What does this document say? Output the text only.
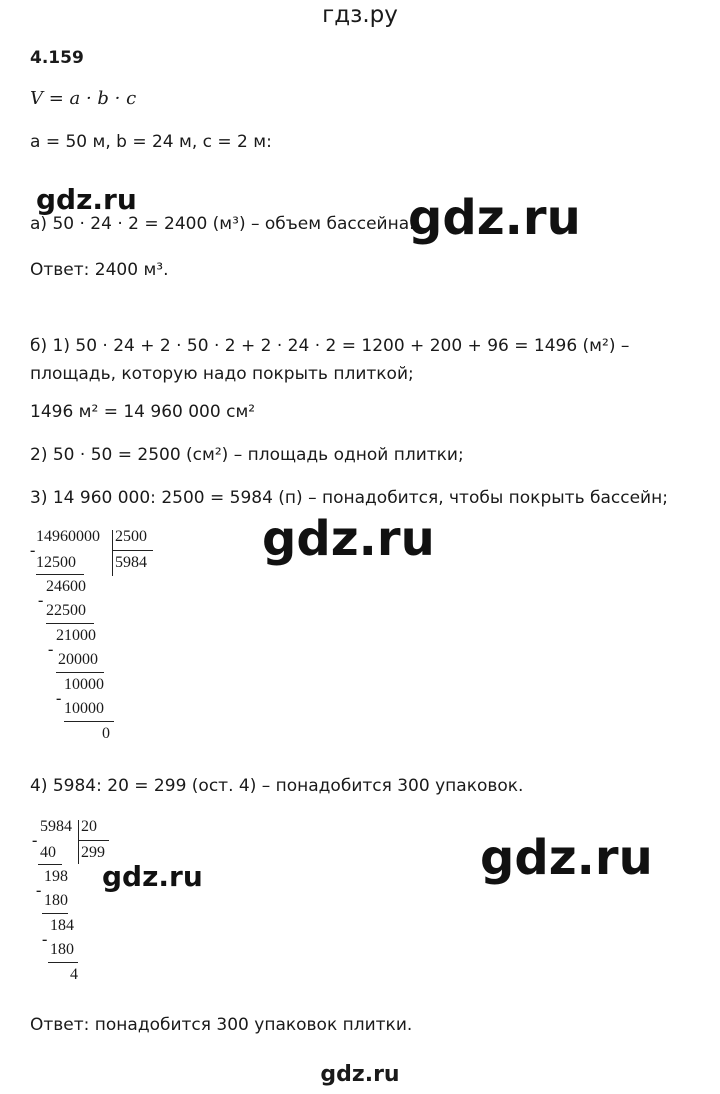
гдз.ру
4.159
V = a · b · c
a = 50 м, b = 24 м, c = 2 м:
gdz.ru
а) 50 · 24 · 2 = 2400 (м³) – объем бассейна.
gdz.ru
Ответ: 2400 м³.
б) 1) 50 · 24 + 2 · 50 · 2 + 2 · 24 · 2 = 1200 + 200 + 96 = 1496 (м²) –
площадь, которую надо покрыть плиткой;
1496 м² = 14 960 000 см²
2) 50 · 50 = 2500 (см²) – площадь одной плитки;
3) 14 960 000: 2500 = 5984 (п) – понадобится, чтобы покрыть бассейн;
gdz.ru
14960000 2500
5984
-
12500
24600
-
22500
21000
-
20000
10000
-
10000
0
4) 5984: 20 = 299 (ост. 4) – понадобится 300 упаковок.
5984 20
299
-
40
198
-
180
184
-
180
4
gdz.ru	gdz.ru
Ответ: понадобится 300 упаковок плитки.
gdz.ru
